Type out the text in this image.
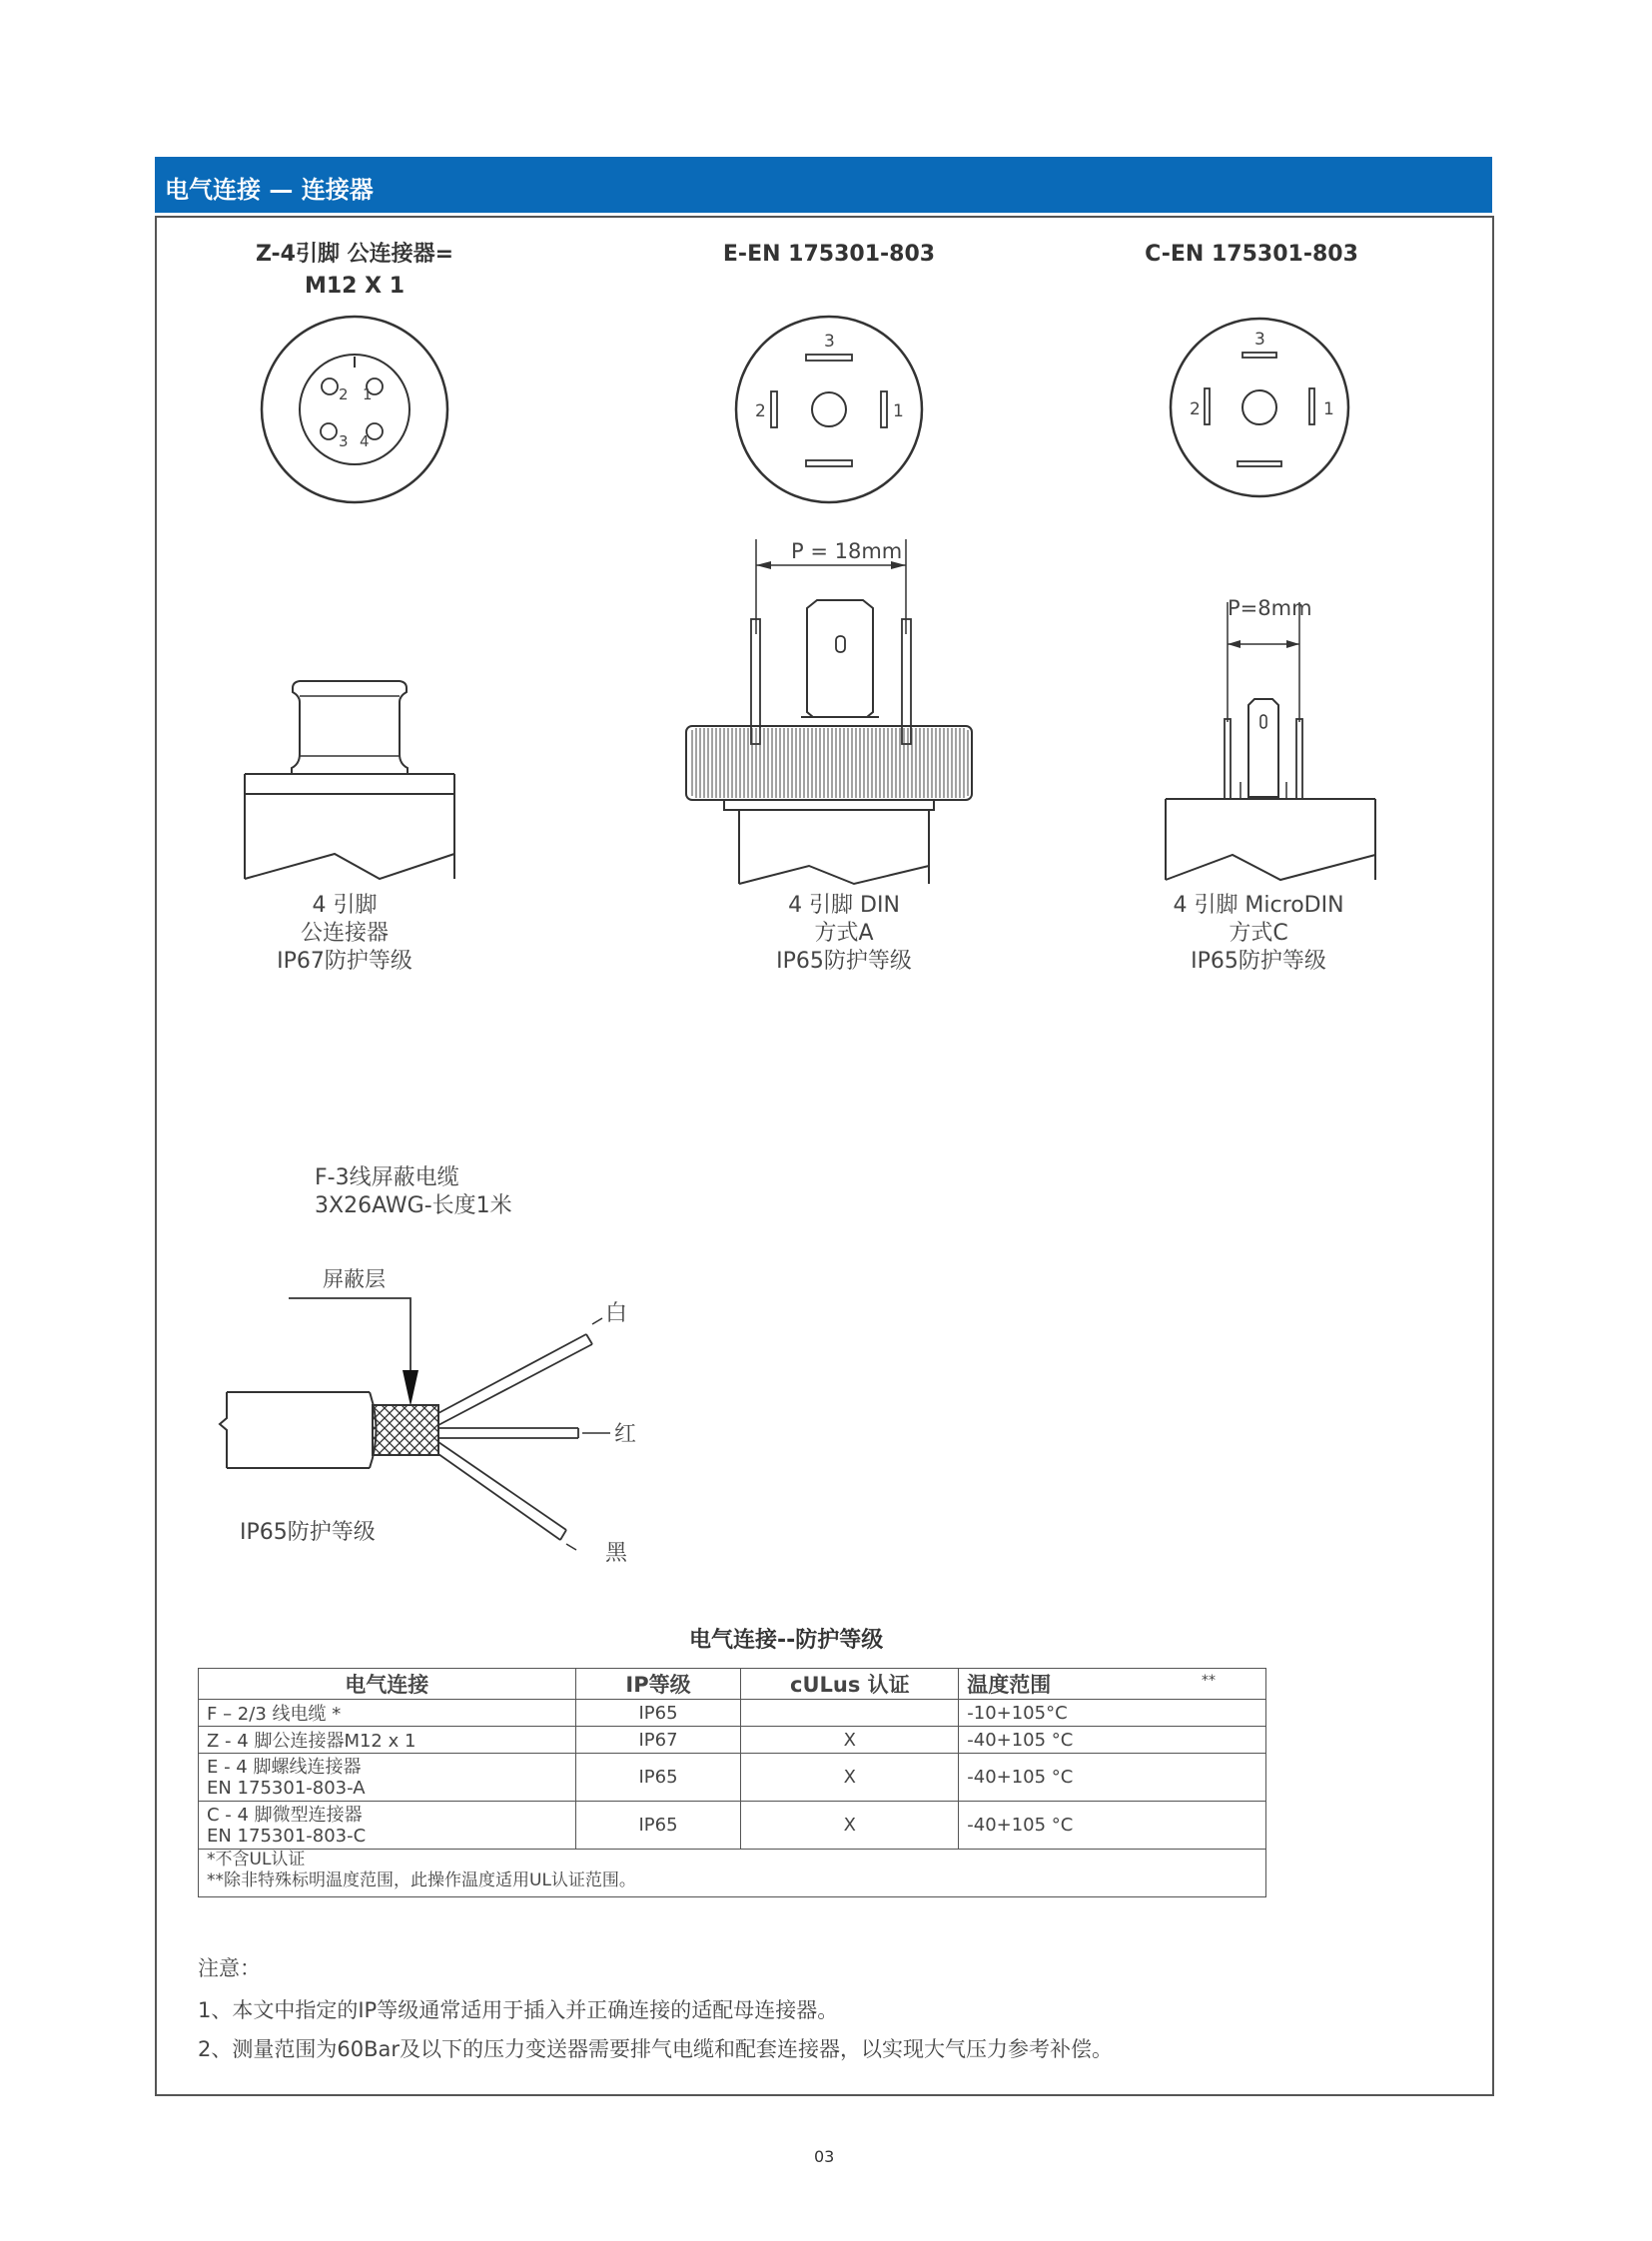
电气连接 — 连接器
Z-4引脚 公连接器=
M12 X 1
E-EN 175301-803	C-EN 175301-803
1
2
3 4
1
2
3
1
2
3
P = 18mm
P=8mm
4 引脚
公连接器
IP67防护等级
4 引脚 DIN
方式A
IP65防护等级
4 引脚 MicroDIN
方式C
IP65防护等级
F-3线屏蔽电缆
3X26AWG-长度1米
屏蔽层
白
红
黑
IP65防护等级
电气连接--防护等级
电气连接	IP等级	cULus 认证	温度范围 **

F – 2/3 线电缆 *	IP65		-10+105°C
Z - 4 脚公连接器M12 x 1	IP67	X	-40+105 °C

E - 4 脚螺线连接器
EN 175301-803-A	IP65	X	-40+105 °C

C - 4 脚微型连接器
EN 175301-803-C	IP65	X	-40+105 °C

*不含UL认证
**除非特殊标明温度范围，此操作温度适用UL认证范围。			
注意：
1、本文中指定的IP等级通常适用于插入并正确连接的适配母连接器。
2、测量范围为60Bar及以下的压力变送器需要排气电缆和配套连接器，以实现大气压力参考补偿。
03
